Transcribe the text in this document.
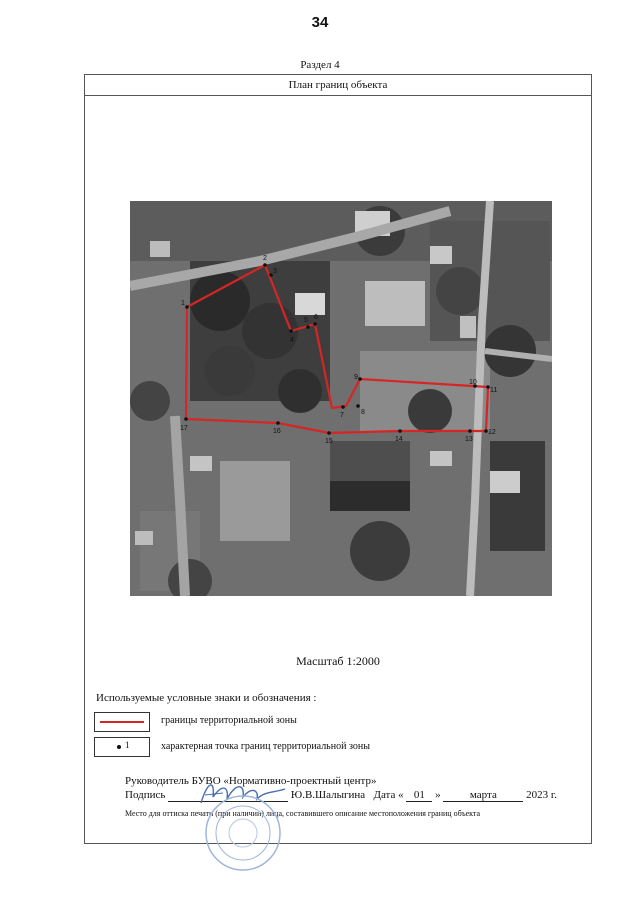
34
Раздел 4
План границ объекта
1
2
3
4
5 6
7 8
9
10
11
12
13
14
15
16
17
Масштаб 1:2000
Используемые условные знаки и обозначения :
границы территориальной зоны
1	характерная точка границ территориальной зоны
Руководитель БУВО «Нормативно-проектный центр»
Подпись	Ю.В.Шалыгина Дата « 01 » марта	2023 г.
Место для оттиска печати (при наличии) лица, составившего описание местоположения границ объекта
